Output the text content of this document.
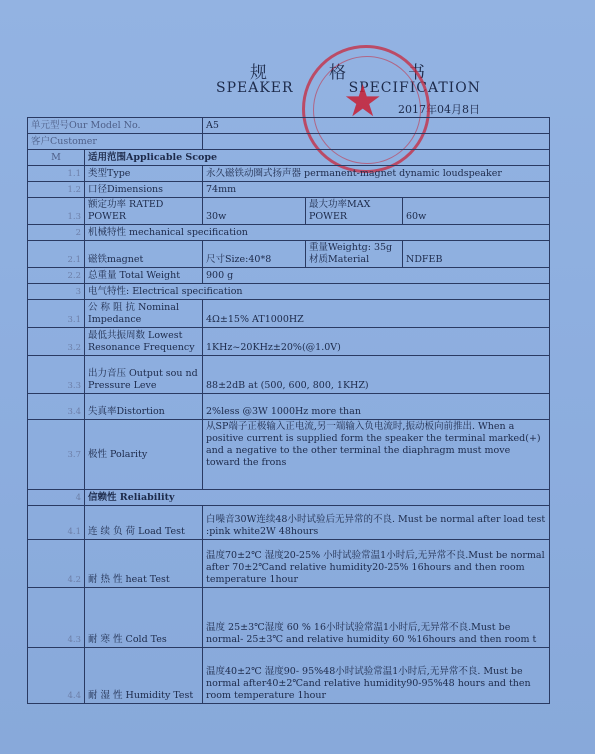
规	格	书
SPEAKER	SPECIFICATION
2017年04月8日
★
单元型号Our Model No.		A5		
客户Customer				
M	适用范围Applicable Scope			
1.1	类型Type	永久磁铁动圈式扬声器 permanent-magnet dynamic loudspeaker		
1.2	口径Dimensions	74mm		
1.3	额定功率 RATED POWER	30w	最大功率MAX POWER	60w
2	机械特性 mechanical specification			
2.1	磁铁magnet	尺寸Size:40*8	重量Weightg: 35g 材质Material	NDFEB
2.2	总重量 Total Weight	900 g		
3	电气特性: Electrical specification			
3.1	公 称 阻 抗 Nominal Impedance	4Ω±15% AT1000HZ		
3.2	最低共振周数 Lowest Resonance Frequency	1KHz~20KHz±20%(@1.0V)		
3.3	出力音压 Output sou nd Pressure Leve	88±2dB at (500, 600, 800, 1KHZ)		
3.4	失真率Distortion	2%less @3W 1000Hz more than		
3.7	极性 Polarity	从SP端子正极输入正电流,另一端输入负电流时,振动板向前推出. When a positive current is supplied form the speaker the terminal marked(+) and a negative to the other terminal the diaphragm must move toward the frons		
4	信赖性 Reliability			
4.1	连 续 负 荷 Load Test	白噪音30W连续48小时试验后无异常的不良. Must be normal after load test :pink white2W 48hours		
4.2	耐 热 性 heat Test	温度70±2℃ 湿度20-25% 小时试验常温1小时后,无异常不良.Must be normal after 70±2℃and relative humidity20-25% 16hours and then room temperature 1hour		
4.3	耐 寒 性 Cold Tes	温度 25±3℃湿度 60 % 16小时试验常温1小时后,无异常不良.Must be normal- 25±3℃ and relative humidity 60 %16hours and then room t		
4.4	耐 湿 性 Humidity Test	温度40±2℃ 湿度90- 95%48小时试验常温1小时后,无异常不良. Must be normal after40±2℃and relative humidity90-95%48 hours and then room temperature 1hour		
